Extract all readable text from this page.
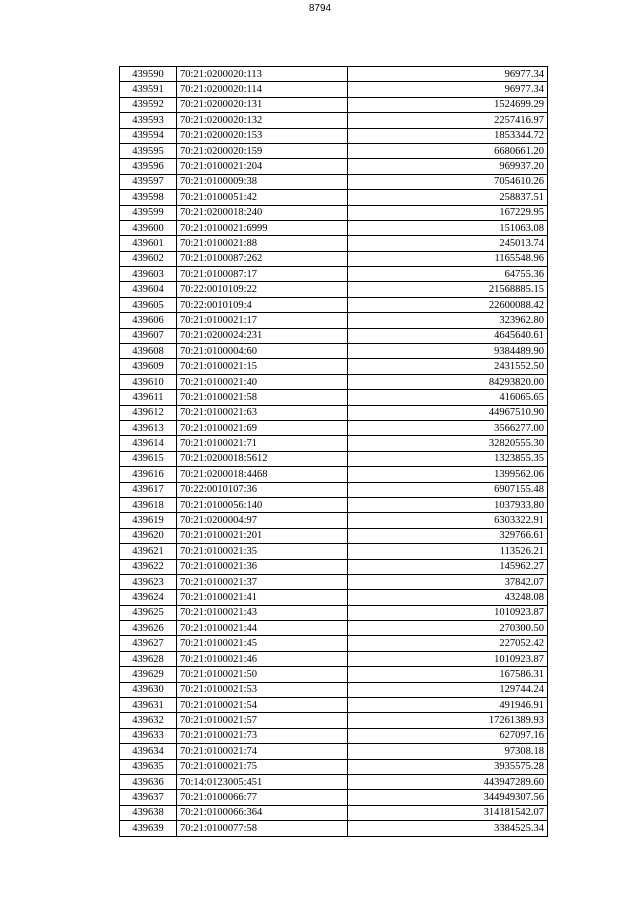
8794
439590	70:21:0200020:113	96977.34
439591	70:21:0200020:114	96977.34
439592	70:21:0200020:131	1524699.29
439593	70:21:0200020:132	2257416.97
439594	70:21:0200020:153	1853344.72
439595	70:21:0200020:159	6680661.20
439596	70:21:0100021:204	969937.20
439597	70:21:0100009:38	7054610.26
439598	70:21:0100051:42	258837.51
439599	70:21:0200018:240	167229.95
439600	70:21:0100021:6999	151063.08
439601	70:21:0100021:88	245013.74
439602	70:21:0100087:262	1165548.96
439603	70:21:0100087:17	64755.36
439604	70:22:0010109:22	21568885.15
439605	70:22:0010109:4	22600088.42
439606	70:21:0100021:17	323962.80
439607	70:21:0200024:231	4645640.61
439608	70:21:0100004:60	9384489.90
439609	70:21:0100021:15	2431552.50
439610	70:21:0100021:40	84293820.00
439611	70:21:0100021:58	416065.65
439612	70:21:0100021:63	44967510.90
439613	70:21:0100021:69	3566277.00
439614	70:21:0100021:71	32820555.30
439615	70:21:0200018:5612	1323855.35
439616	70:21:0200018:4468	1399562.06
439617	70:22:0010107:36	6907155.48
439618	70:21:0100056:140	1037933.80
439619	70:21:0200004:97	6303322.91
439620	70:21:0100021:201	329766.61
439621	70:21:0100021:35	113526.21
439622	70:21:0100021:36	145962.27
439623	70:21:0100021:37	37842.07
439624	70:21:0100021:41	43248.08
439625	70:21:0100021:43	1010923.87
439626	70:21:0100021:44	270300.50
439627	70:21:0100021:45	227052.42
439628	70:21:0100021:46	1010923.87
439629	70:21:0100021:50	167586.31
439630	70:21:0100021:53	129744.24
439631	70:21:0100021:54	491946.91
439632	70:21:0100021:57	17261389.93
439633	70:21:0100021:73	627097.16
439634	70:21:0100021:74	97308.18
439635	70:21:0100021:75	3935575.28
439636	70:14:0123005:451	443947289.60
439637	70:21:0100066:77	344949307.56
439638	70:21:0100066:364	314181542.07
439639	70:21:0100077:58	3384525.34
